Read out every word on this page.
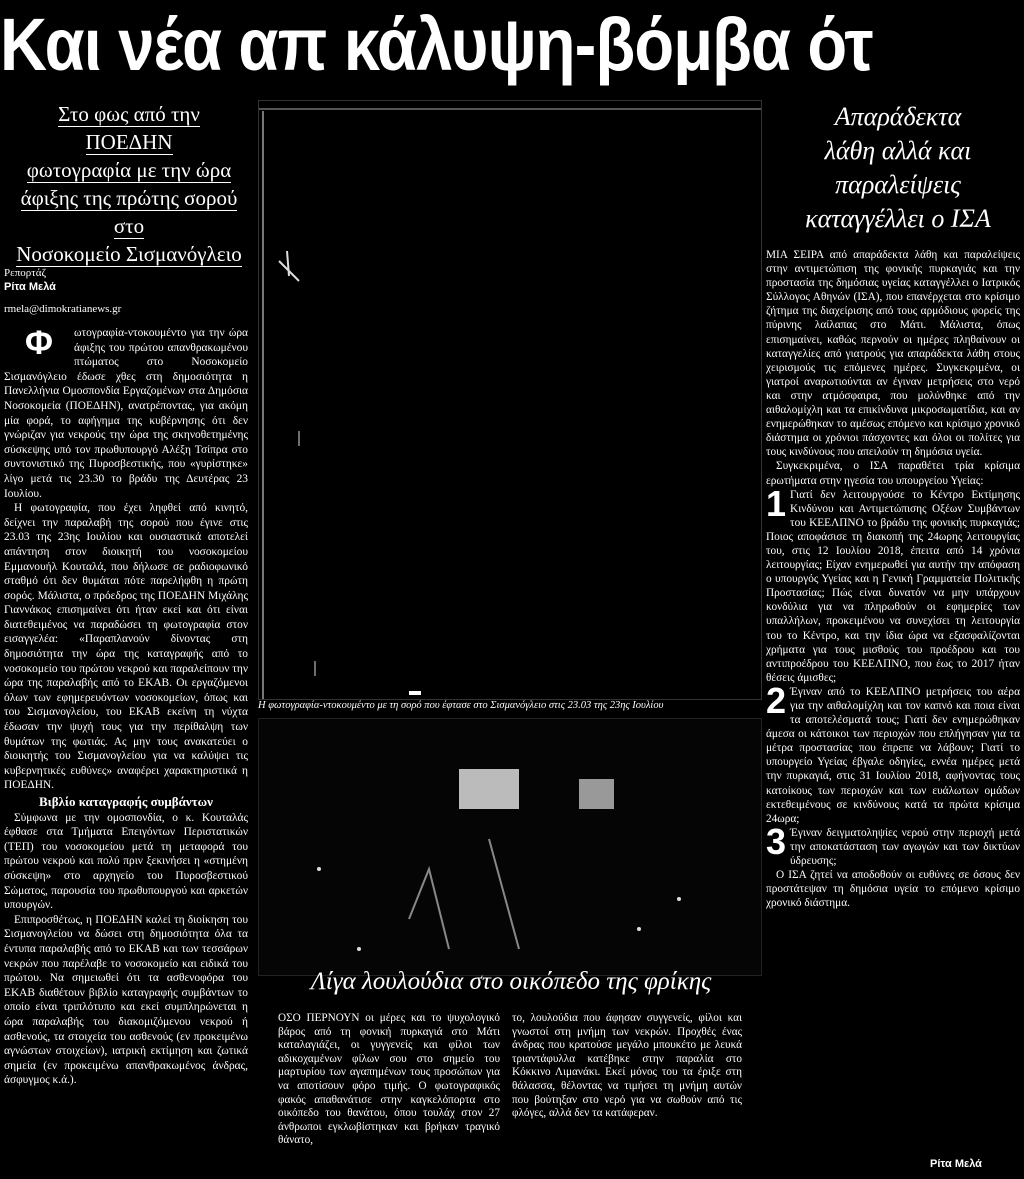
Και νέα απ κάλυψη-βόμβα ότ
Στο φως από την ΠΟΕΔΗΝ
φωτογραφία με την ώρα
άφιξης της πρώτης σορού στο
Νοσοκομείο Σισμανόγλειο
Ρεπορτάζ
Ρίτα Μελά
rmela@dimokratianews.gr

Φ	ωτογραφία-ντοκουμέντο για την ώρα άφιξης του πρώτου απανθρακωμένου πτώματος στο Νοσοκομείο Σισμανόγλειο έδωσε χθες στη δημοσιότητα η Πανελλήνια Ομοσπονδία Εργαζομένων στα Δημόσια Νοσοκομεία (ΠΟΕΔΗΝ), ανατρέποντας, για ακόμη μία φορά, το αφήγημα της κυβέρνησης ότι δεν γνώριζαν για νεκρούς την ώρα της σκηνοθετημένης σύσκεψης υπό τον πρωθυπουργό Αλέξη Τσίπρα στο συντονιστικό της Πυροσβεστικής, που «γυρίστηκε» λίγο μετά τις 23.30 το βράδυ της Δευτέρας 23 Ιουλίου.

Η φωτογραφία, που έχει ληφθεί από κινητό, δείχνει την παραλαβή της σορού που έγινε στις 23.03 της 23ης Ιουλίου και ουσιαστικά αποτελεί απάντηση στον διοικητή του νοσοκομείου Εμμανουήλ Κουταλά, που δήλωσε σε ραδιοφωνικό σταθμό ότι δεν θυμάται πότε παρελήφθη η πρώτη σορός. Μάλιστα, ο πρόεδρος της ΠΟΕΔΗΝ Μιχάλης Γιαννάκος επισημαίνει ότι ήταν εκεί και ότι είναι διατεθειμένος να παραδώσει τη φωτογραφία στον εισαγγελέα: «Παραπλανούν δίνοντας στη δημοσιότητα την ώρα της καταγραφής από το νοσοκομείο του πρώτου νεκρού και παραλείπουν την ώρα της παραλαβής από το ΕΚΑΒ. Οι εργαζόμενοι όλων των εφημερευόντων νοσοκομείων, όπως και του Σισμανογλείου, του ΕΚΑΒ εκείνη τη νύχτα έδωσαν την ψυχή τους για την περίθαλψη των θυμάτων της φωτιάς. Ας μην τους ανακατεύει ο διοικητής του Σισμανογλείου για να καλύψει τις κυβερνητικές ευθύνες» αναφέρει χαρακτηριστικά η ΠΟΕΔΗΝ.

Βιβλίο καταγραφής συμβάντων

Σύμφωνα με την ομοσπονδία, ο κ. Κουταλάς έφθασε στα Τμήματα Επειγόντων Περιστατικών (ΤΕΠ) του νοσοκομείου μετά τη μεταφορά του πρώτου νεκρού και πολύ πριν ξεκινήσει η «στημένη σύσκεψη» στο αρχηγείο του Πυροσβεστικού Σώματος, παρουσία του πρωθυπουργού και αρκετών υπουργών.

Επιπροσθέτως, η ΠΟΕΔΗΝ καλεί τη διοίκηση του Σισμανογλείου να δώσει στη δημοσιότητα όλα τα έντυπα παραλαβής από το ΕΚΑΒ και των τεσσάρων νεκρών που παρέλαβε το νοσοκομείο και ειδικά του πρώτου. Να σημειωθεί ότι τα ασθενοφόρα του ΕΚΑΒ διαθέτουν βιβλίο καταγραφής συμβάντων το οποίο είναι τριπλότυπο και εκεί συμπληρώνεται η ώρα παραλαβής του διακομιζόμενου νεκρού ή ασθενούς, τα στοιχεία του ασθενούς (εν προκειμένω αγνώστων στοιχείων), ιατρική εκτίμηση και ζωτικά σημεία (εν προκειμένω απανθρακωμένος άνδρας, άσφυγμος κ.ά.).

Η φωτογραφία-ντοκουμέντο με τη σορό που έφτασε στο Σισμανόγλειο στις 23.03 της 23ης Ιουλίου
Λίγα λουλούδια στο οικόπεδο της φρίκης
ΟΣΟ ΠΕΡΝΟΥΝ οι μέρες και το ψυχολογικό βάρος από τη φονική πυρκαγιά στο Μάτι καταλαγιάζει, οι γυγγενείς και φίλοι των αδικοχαμένων φίλων σου στο σημείο του μαρτυρίου των αγαπημένων τους προσώπων για να αποτίσουν φόρο τιμής. Ο φωτογραφικός φακός απαθανάτισε στην καγκελόπορτα στο οικόπεδο του θανάτου, όπου τουλάχ στον 27 άνθρωποι εγκλωβίστηκαν και βρήκαν τραγικό θάνατο,
το, λουλούδια που άφησαν συγγενείς, φίλοι και γνωστοί στη μνήμη των νεκρών. Προχθές ένας άνδρας που κρατούσε μεγάλο μπουκέτο με λευκά τριαντάφυλλα κατέβηκε στην παραλία στο Κόκκινο Λιμανάκι. Εκεί μόνος του τα έριξε στη θάλασσα, θέλοντας να τιμήσει τη μνήμη αυτών που βούτηξαν στο νερό για να σωθούν από τις φλόγες, αλλά δεν τα κατάφεραν.
Απαράδεκτα
λάθη αλλά και
παραλείψεις
καταγγέλλει ο ΙΣΑ

ΜΙΑ ΣΕΙΡΑ από απαράδεκτα λάθη και παραλείψεις στην αντιμετώπιση της φονικής πυρκαγιάς και την προστασία της δημόσιας υγείας καταγγέλλει ο Ιατρικός Σύλλογος Αθηνών (ΙΣΑ), που επανέρχεται στο κρίσιμο ζήτημα της διαχείρισης από τους αρμόδιους φορείς της πύρινης λαίλαπας στο Μάτι. Μάλιστα, όπως επισημαίνει, καθώς περνούν οι ημέρες πληθαίνουν οι καταγγελίες από γιατρούς για απαράδεκτα λάθη στους χειρισμούς τις επόμενες ημέρες. Συγκεκριμένα, οι γιατροί αναρωτιούνται αν έγιναν μετρήσεις στο νερό και στην ατμόσφαιρα, που μολύνθηκε από την αιθαλομίχλη και τα επικίνδυνα μικροσωματίδια, και αν ενημερώθηκαν το αμέσως επόμενο και κρίσιμο χρονικό διάστημα οι χρόνιοι πάσχοντες και όλοι οι πολίτες για τους κινδύνους που απειλούν τη δημόσια υγεία.

Συγκεκριμένα, ο ΙΣΑ παραθέτει τρία κρίσιμα ερωτήματα στην ηγεσία του υπουργείου Υγείας:

1 Γιατί δεν λειτουργούσε το Κέντρο Εκτίμησης Κινδύνου και Αντιμετώπισης Οξέων Συμβάντων του ΚΕΕΛΠΝΟ το βράδυ της φονικής πυρκαγιάς; Ποιος αποφάσισε τη διακοπή της 24ωρης λειτουργίας του, στις 12 Ιουλίου 2018, έπειτα από 14 χρόνια λειτουργίας; Είχαν ενημερωθεί για αυτήν την απόφαση ο υπουργός Υγείας και η Γενική Γραμματεία Πολιτικής Προστασίας; Πώς είναι δυνατόν να μην υπάρχουν κονδύλια για να πληρωθούν οι εφημερίες των υπαλλήλων, προκειμένου να συνεχίσει τη λειτουργία του το Κέντρο, και την ίδια ώρα να εξασφαλίζονται χρήματα για τους μισθούς του προέδρου και του αντιπροέδρου του ΚΕΕΛΠΝΟ, που έως το 2017 ήταν θέσεις άμισθες;

2 Έγιναν από το ΚΕΕΛΠΝΟ μετρήσεις του αέρα για την αιθαλομίχλη και τον καπνό και ποια είναι τα αποτελέσματά τους; Γιατί δεν ενημερώθηκαν άμεσα οι κάτοικοι των περιοχών που επλήγησαν για τα μέτρα προστασίας που έπρεπε να λάβουν; Γιατί το υπουργείο Υγείας έβγαλε οδηγίες, εννέα ημέρες μετά την πυρκαγιά, στις 31 Ιουλίου 2018, αφήνοντας τους κατοίκους των περιοχών και των ευάλωτων ομάδων εκτεθειμένους σε κινδύνους κατά τα πρώτα κρίσιμα 24ωρα;

3 Έγιναν δειγματοληψίες νερού στην περιοχή μετά την αποκατάσταση των αγωγών και των δικτύων ύδρευσης;

Ο ΙΣΑ ζητεί να αποδοθούν οι ευθύνες σε όσους δεν προστάτεψαν τη δημόσια υγεία το επόμενο κρίσιμο χρονικό διάστημα.

Ρίτα Μελά
